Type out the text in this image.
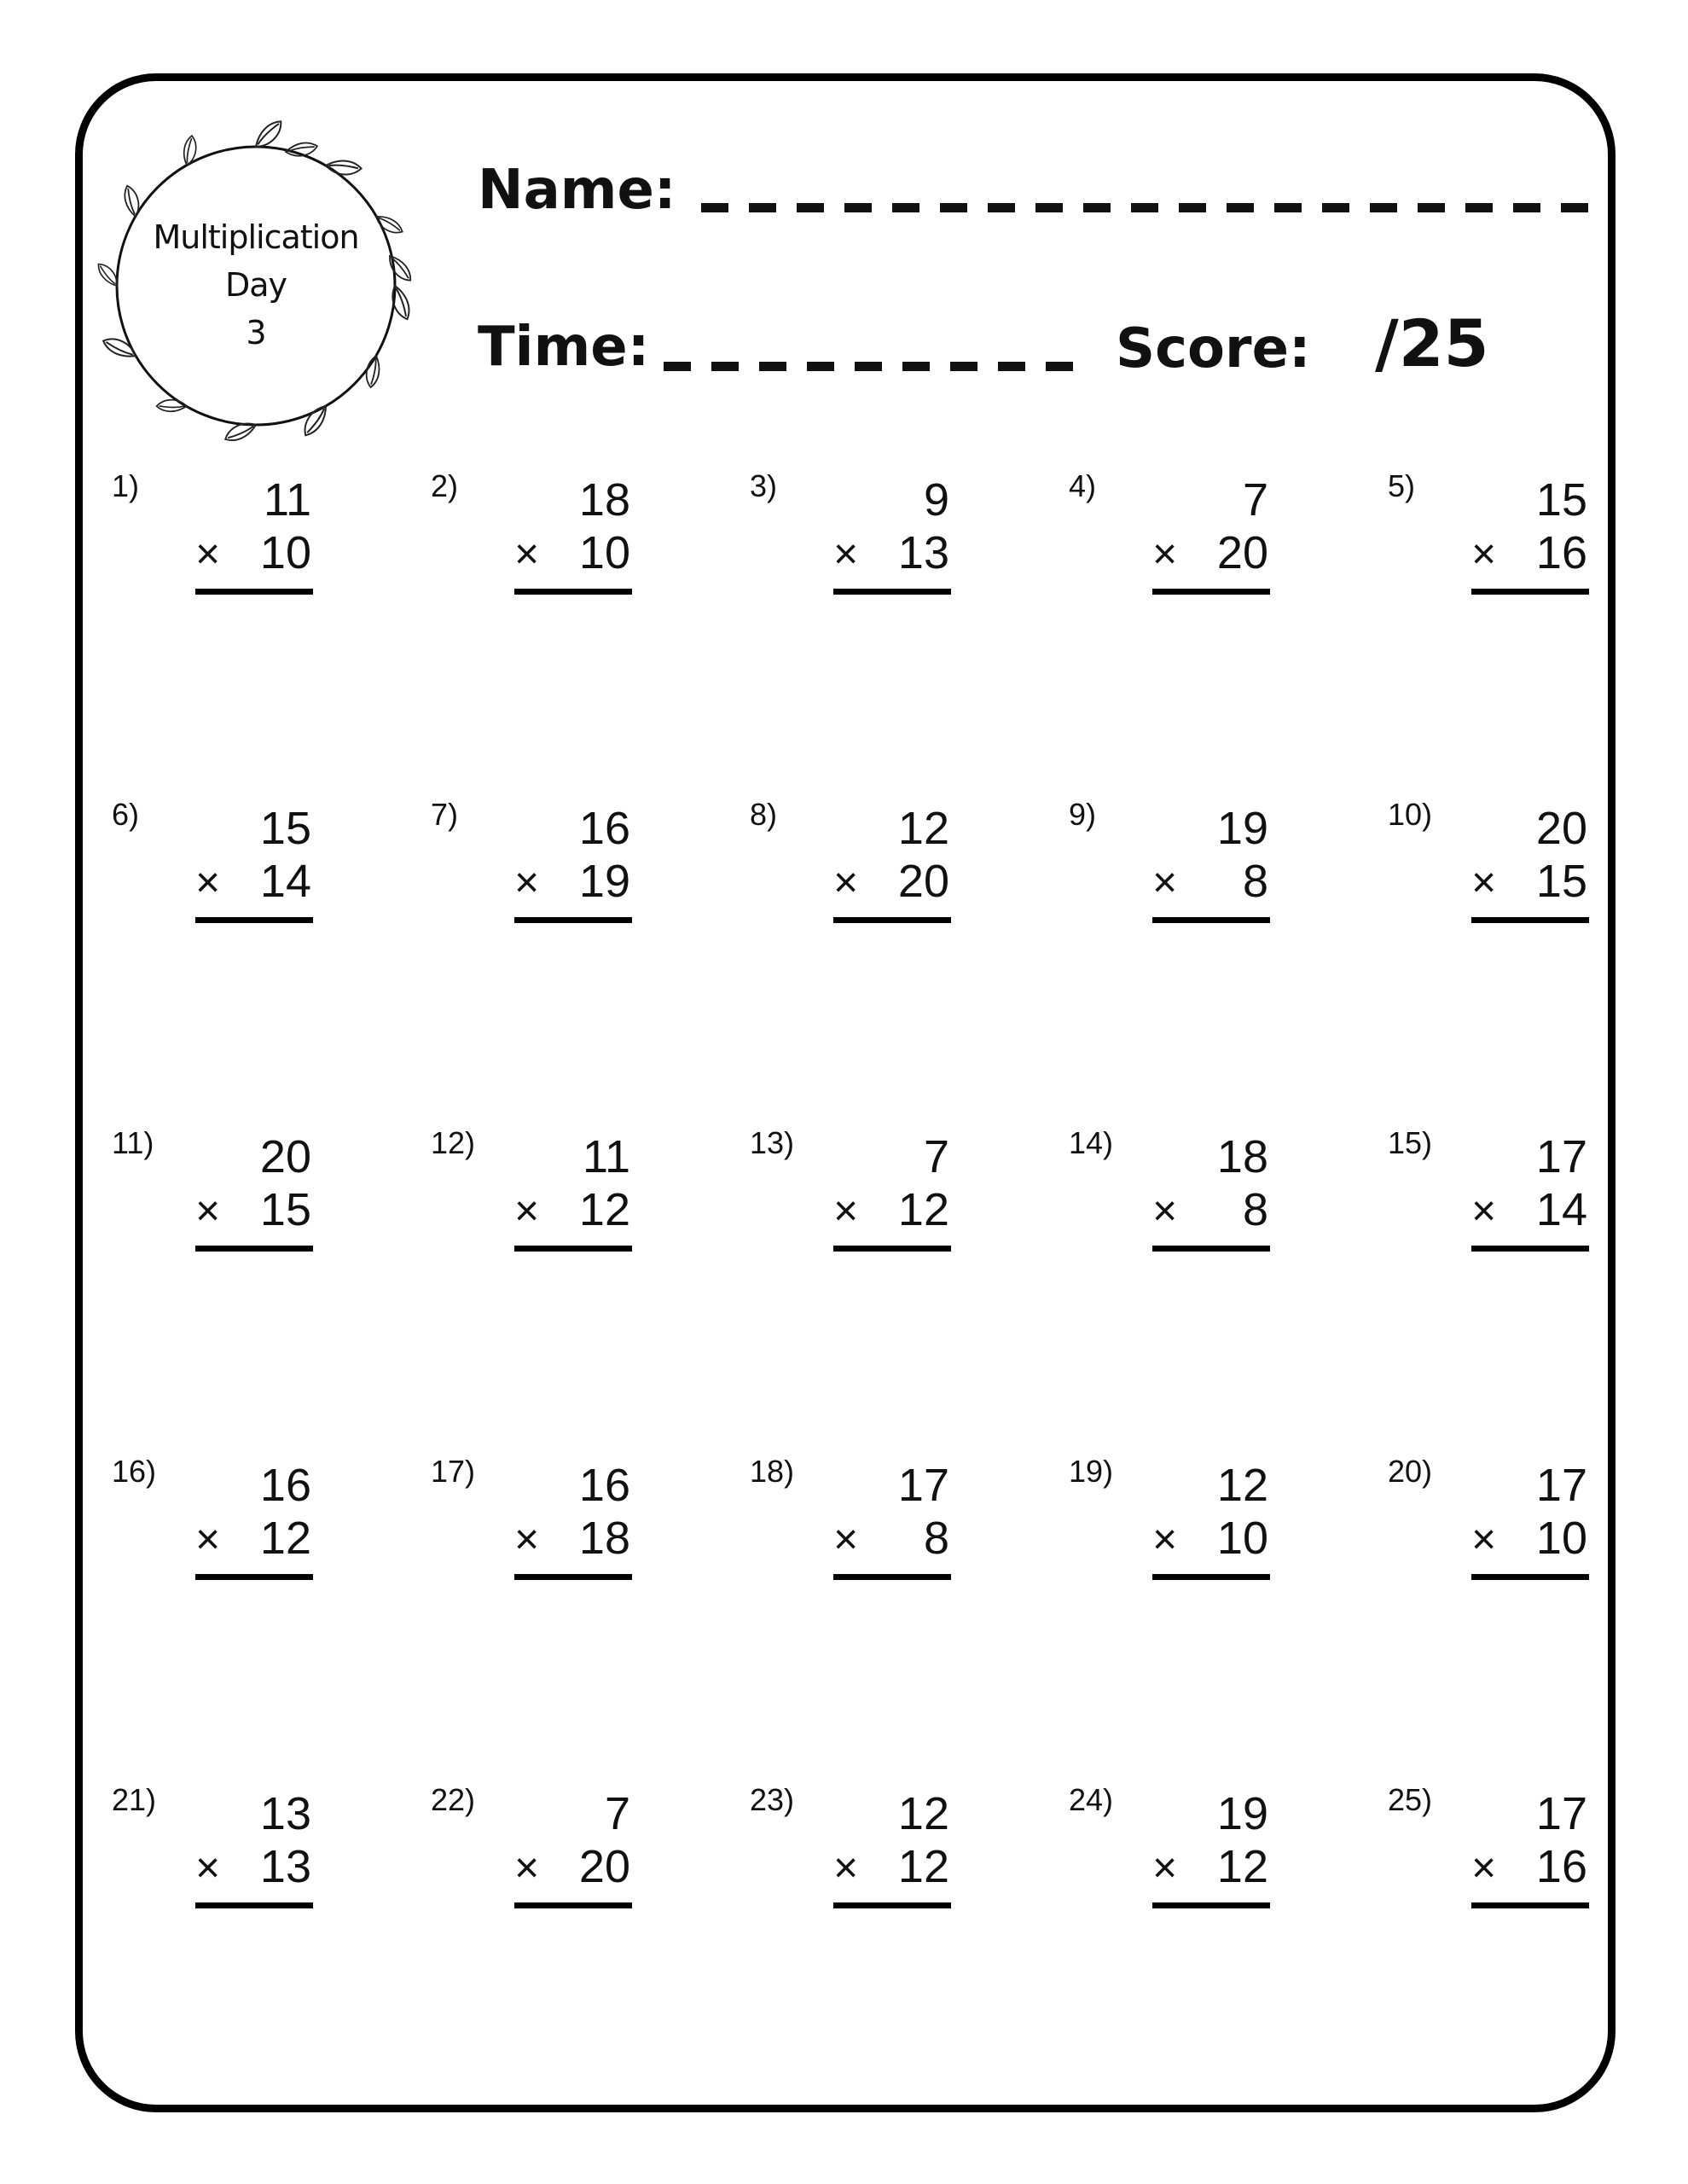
Multiplication
Day
3
Name:
Time:	Score: /25
1)	11
× 10
2)	18
× 10
3)	9
× 13
4)	7
× 20
5)	15
× 16
6)	15
× 14
7)	16
× 19
8)	12
× 20
9)	19
× 8
10)	20
× 15
11)	20
× 15
12)	11
× 12
13)	7
× 12
14)	18
× 8
15)	17
× 14
16)	16
× 12
17)	16
× 18
18)	17
× 8
19)	12
× 10
20)	17
× 10
21)	13
× 13
22)	7
× 20
23)	12
× 12
24)	19
× 12
25)	17
× 16
